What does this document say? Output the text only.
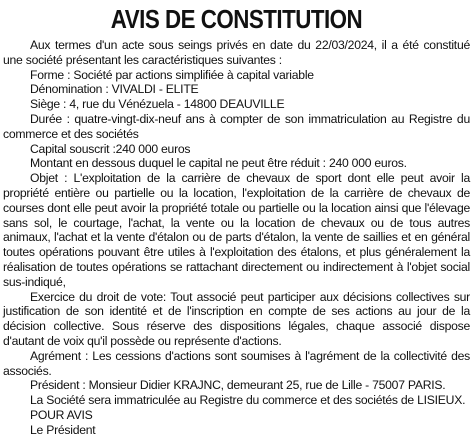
AVIS DE CONSTITUTION

Aux termes d'un acte sous seings privés en date du 22/03/2024, il a été constitué une société présentant les caractéristiques suivantes :

Forme : Société par actions simplifiée à capital variable

Dénomination : VIVALDI - ELITE

Siège : 4, rue du Vénézuela - 14800 DEAUVILLE

Durée : quatre-vingt-dix-neuf ans à compter de son immatriculation au Registre du commerce et des sociétés

Capital souscrit :240 000 euros

Montant en dessous duquel le capital ne peut être réduit : 240 000 euros.

Objet : L'exploitation de la carrière de chevaux de sport dont elle peut avoir la propriété entière ou partielle ou la location, l'exploitation de la carrière de chevaux de courses dont elle peut avoir la propriété totale ou partielle ou la location ainsi que l'élevage sans sol, le courtage, l'achat, la vente ou la location de chevaux ou de tous autres animaux, l'achat et la vente d'étalon ou de parts d'étalon, la vente de saillies et en général toutes opérations pouvant être utiles à l'exploitation des étalons, et plus généralement la réalisation de toutes opérations se rattachant directement ou indirectement à l'objet social sus-indiqué,

Exercice du droit de vote: Tout associé peut participer aux décisions collectives sur justification de son identité et de l'inscription en compte de ses actions au jour de la décision collective. Sous réserve des dispositions légales, chaque associé dispose d'autant de voix qu'il possède ou représente d'actions.

Agrément : Les cessions d'actions sont soumises à l'agrément de la collectivité des associés.

Président : Monsieur Didier KRAJNC, demeurant 25, rue de Lille - 75007 PARIS.

La Société sera immatriculée au Registre du commerce et des sociétés de LISIEUX.

POUR AVIS

Le Président
